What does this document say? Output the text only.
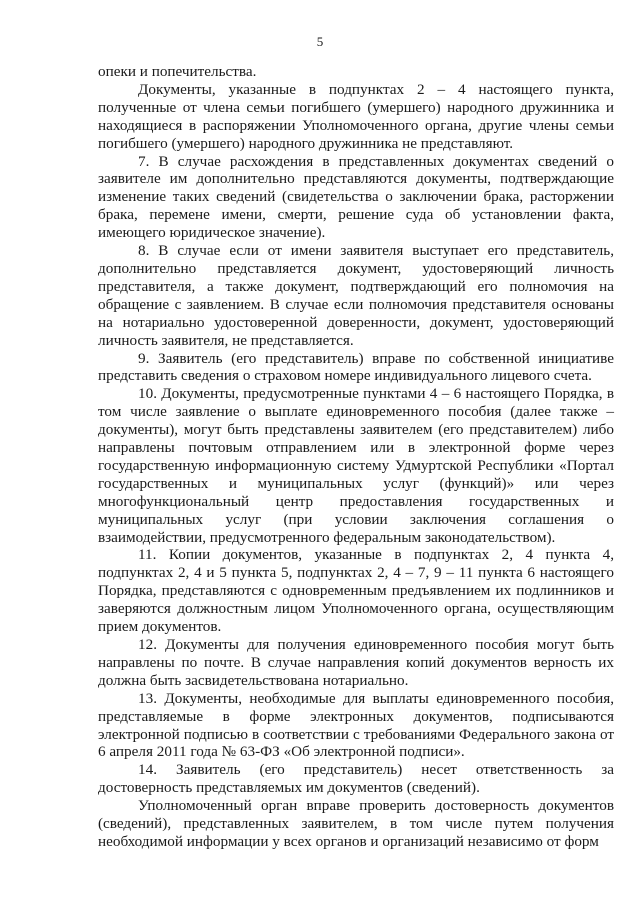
5

опеки и попечительства.

Документы, указанные в подпунктах 2 – 4 настоящего пункта, полученные от члена семьи погибшего (умершего) народного дружинника и находящиеся в распоряжении Уполномоченного органа, другие члены семьи погибшего (умершего) народного дружинника не представляют.

7. В случае расхождения в представленных документах сведений о заявителе им дополнительно представляются документы, подтверждающие изменение таких сведений (свидетельства о заключении брака, расторжении брака, перемене имени, смерти, решение суда об установлении факта, имеющего юридическое значение).

8. В случае если от имени заявителя выступает его представитель, дополнительно представляется документ, удостоверяющий личность представителя, а также документ, подтверждающий его полномочия на обращение с заявлением. В случае если полномочия представителя основаны на нотариально удостоверенной доверенности, документ, удостоверяющий личность заявителя, не представляется.

9. Заявитель (его представитель) вправе по собственной инициативе представить сведения о страховом номере индивидуального лицевого счета.

10. Документы, предусмотренные пунктами 4 – 6 настоящего Порядка, в том числе заявление о выплате единовременного пособия (далее также – документы), могут быть представлены заявителем (его представителем) либо направлены почтовым отправлением или в электронной форме через государственную информационную систему Удмуртской Республики «Портал государственных и муниципальных услуг (функций)» или через многофункциональный центр предоставления государственных и муниципальных услуг (при условии заключения соглашения о взаимодействии, предусмотренного федеральным законодательством).

11. Копии документов, указанные в подпунктах 2, 4 пункта 4, подпунктах 2, 4 и 5 пункта 5, подпунктах 2, 4 – 7, 9 – 11 пункта 6 настоящего Порядка, представляются с одновременным предъявлением их подлинников и заверяются должностным лицом Уполномоченного органа, осуществляющим прием документов.

12. Документы для получения единовременного пособия могут быть направлены по почте. В случае направления копий документов верность их должна быть засвидетельствована нотариально.

13. Документы, необходимые для выплаты единовременного пособия, представляемые в форме электронных документов, подписываются электронной подписью в соответствии с требованиями Федерального закона от 6 апреля 2011 года № 63-ФЗ «Об электронной подписи».

14. Заявитель (его представитель) несет ответственность за достоверность представляемых им документов (сведений).

Уполномоченный орган вправе проверить достоверность документов (сведений), представленных заявителем, в том числе путем получения необходимой информации у всех органов и организаций независимо от форм
